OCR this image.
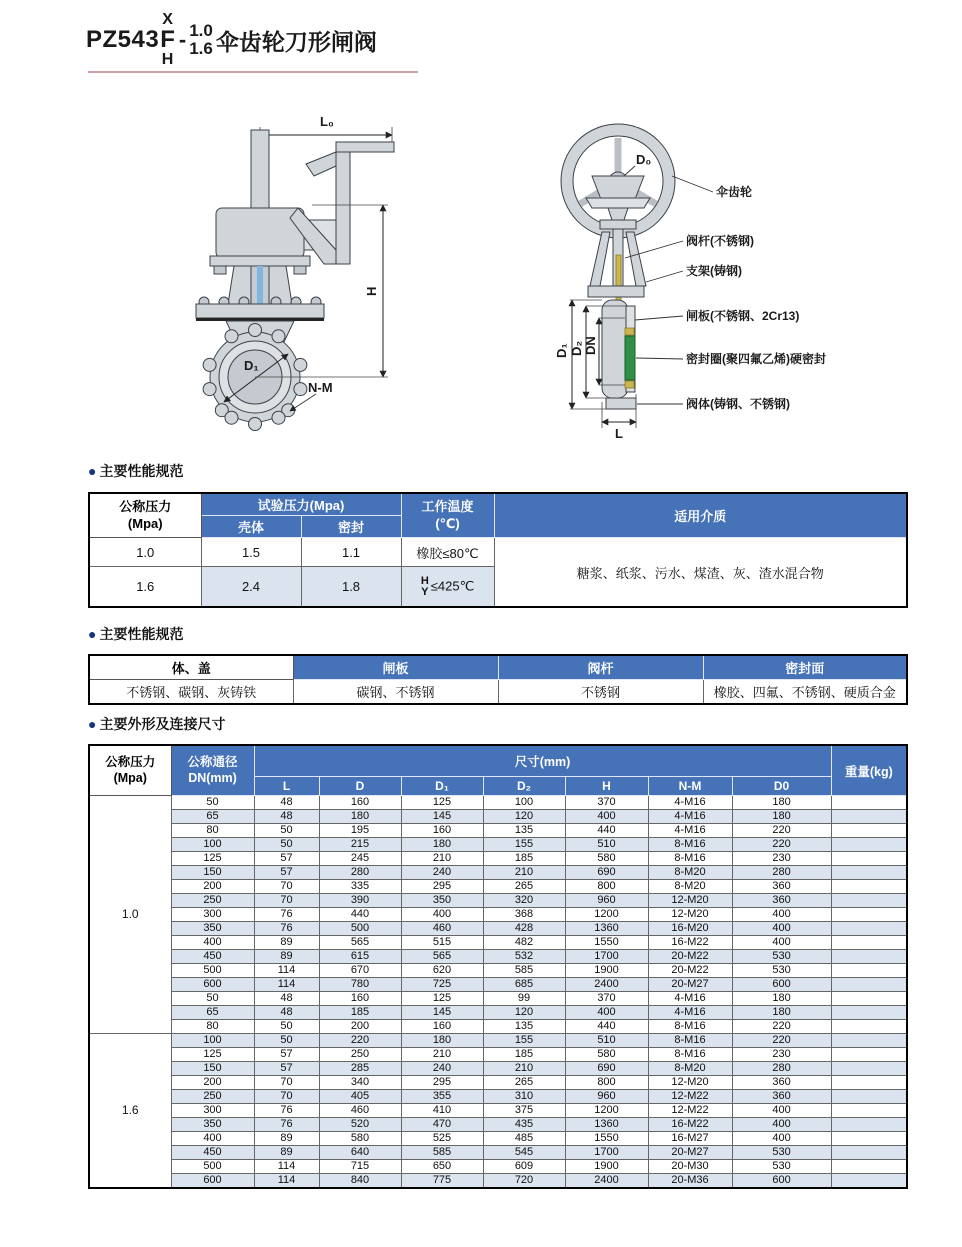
PZ543
X
F
H
- 1.0
1.6 伞齿轮刀形闸阀
L₀
D₁
H
N-M
D₀
伞齿轮
阀杆(不锈钢)
支架(铸钢)
闸板(不锈钢、2Cr13)
密封圈(聚四氟乙烯)硬密封
阀体(铸钢、不锈钢)
D₁ D₂ DN
L
● 主要性能规范
公称压力
(Mpa)
	试验压力(Mpa)	工作温度
(℃)	适用介质
	壳体	密封		
1.0	1.5	1.1	橡胶≤80℃	糖浆、纸浆、污水、煤渣、灰、渣水混合物
1.6	2.4	1.8	H
Y ≤425℃	
● 主要性能规范
体、盖	闸板	阀杆	密封面
不锈钢、碳钢、灰铸铁	碳钢、不锈钢	不锈钢	橡胶、四氟、不锈钢、硬质合金
● 主要外形及连接尺寸
公称压力
(Mpa)

公称通径
DN(mm)
	尺寸(mm)	重量(kg)
		L	D	D₁	D₂	H	N-M	D0	
1.0	50	48	160	125	100	370	4-M16	180	
	65	48	180	145	120	400	4-M16	180	
	80	50	195	160	135	440	4-M16	220	
	100	50	215	180	155	510	8-M16	220	
	125	57	245	210	185	580	8-M16	230	
	150	57	280	240	210	690	8-M20	280	
	200	70	335	295	265	800	8-M20	360	
	250	70	390	350	320	960	12-M20	360	
	300	76	440	400	368	1200	12-M20	400	
	350	76	500	460	428	1360	16-M20	400	
	400	89	565	515	482	1550	16-M22	400	
	450	89	615	565	532	1700	20-M22	530	
	500	114	670	620	585	1900	20-M22	530	
	600	114	780	725	685	2400	20-M27	600	
	50	48	160	125	99	370	4-M16	180	
	65	48	185	145	120	400	4-M16	180	
	80	50	200	160	135	440	8-M16	220	
1.6	100	50	220	180	155	510	8-M16	220	
	125	57	250	210	185	580	8-M16	230	
	150	57	285	240	210	690	8-M20	280	
	200	70	340	295	265	800	12-M20	360	
	250	70	405	355	310	960	12-M22	360	
	300	76	460	410	375	1200	12-M22	400	
	350	76	520	470	435	1360	16-M22	400	
	400	89	580	525	485	1550	16-M27	400	
	450	89	640	585	545	1700	20-M27	530	
	500	114	715	650	609	1900	20-M30	530	
	600	114	840	775	720	2400	20-M36	600	
